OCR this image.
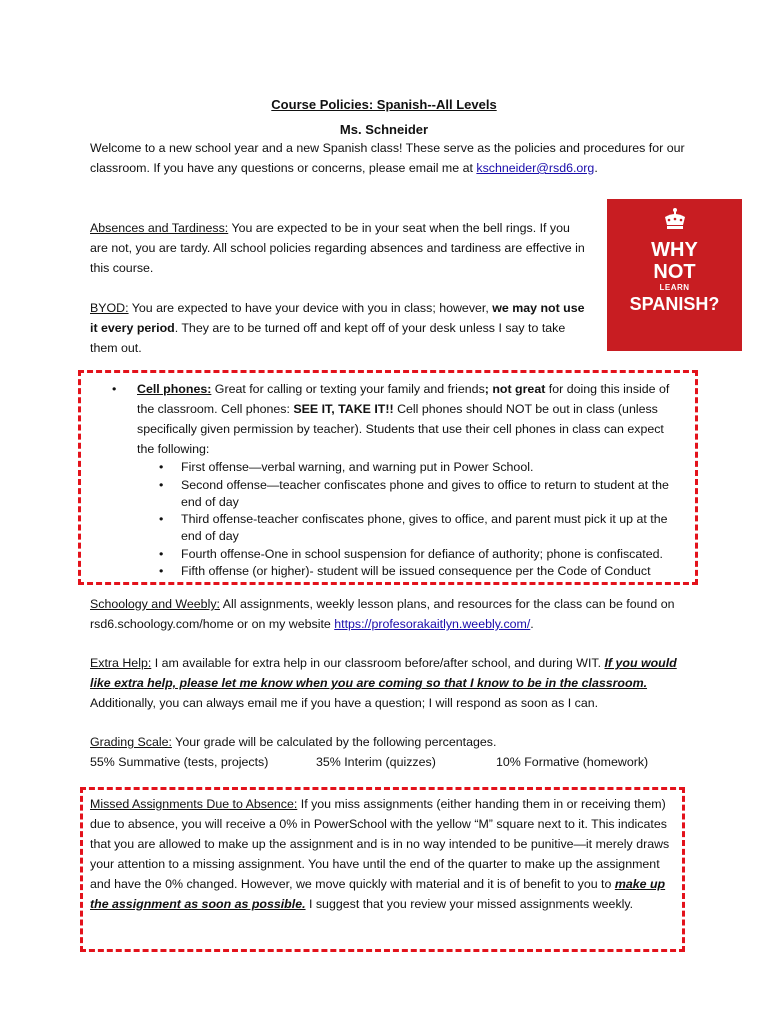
Course Policies: Spanish--All Levels
Ms. Schneider
Welcome to a new school year and a new Spanish class! These serve as the policies and procedures for our classroom. If you have any questions or concerns, please email me at kschneider@rsd6.org.
Absences and Tardiness: You are expected to be in your seat when the bell rings. If you are not, you are tardy. All school policies regarding absences and tardiness are effective in this course.
BYOD: You are expected to have your device with you in class; however, we may not use it every period. They are to be turned off and kept off of your desk unless I say to take them out.
WHY
NOT
LEARN
SPANISH?
• Cell phones: Great for calling or texting your family and friends; not great for doing this inside of the classroom. Cell phones: SEE IT, TAKE IT!! Cell phones should NOT be out in class (unless specifically given permission by teacher). Students that use their cell phones in class can expect the following:
• First offense—verbal warning, and warning put in Power School.
• Second offense—teacher confiscates phone and gives to office to return to student at the end of day
• Third offense-teacher confiscates phone, gives to office, and parent must pick it up at the end of day
• Fourth offense-One in school suspension for defiance of authority; phone is confiscated.
• Fifth offense (or higher)- student will be issued consequence per the Code of Conduct
Schoology and Weebly: All assignments, weekly lesson plans, and resources for the class can be found on rsd6.schoology.com/home or on my website https://profesorakaitlyn.weebly.com/.
Extra Help: I am available for extra help in our classroom before/after school, and during WIT. If you would like extra help, please let me know when you are coming so that I know to be in the classroom. Additionally, you can always email me if you have a question; I will respond as soon as I can.
Grading Scale: Your grade will be calculated by the following percentages.
55% Summative (tests, projects)	35% Interim (quizzes)	10% Formative (homework)
Missed Assignments Due to Absence: If you miss assignments (either handing them in or receiving them) due to absence, you will receive a 0% in PowerSchool with the yellow “M” square next to it. This indicates that you are allowed to make up the assignment and is in no way intended to be punitive—it merely draws your attention to a missing assignment. You have until the end of the quarter to make up the assignment and have the 0% changed. However, we move quickly with material and it is of benefit to you to make up the assignment as soon as possible. I suggest that you review your missed assignments weekly.
